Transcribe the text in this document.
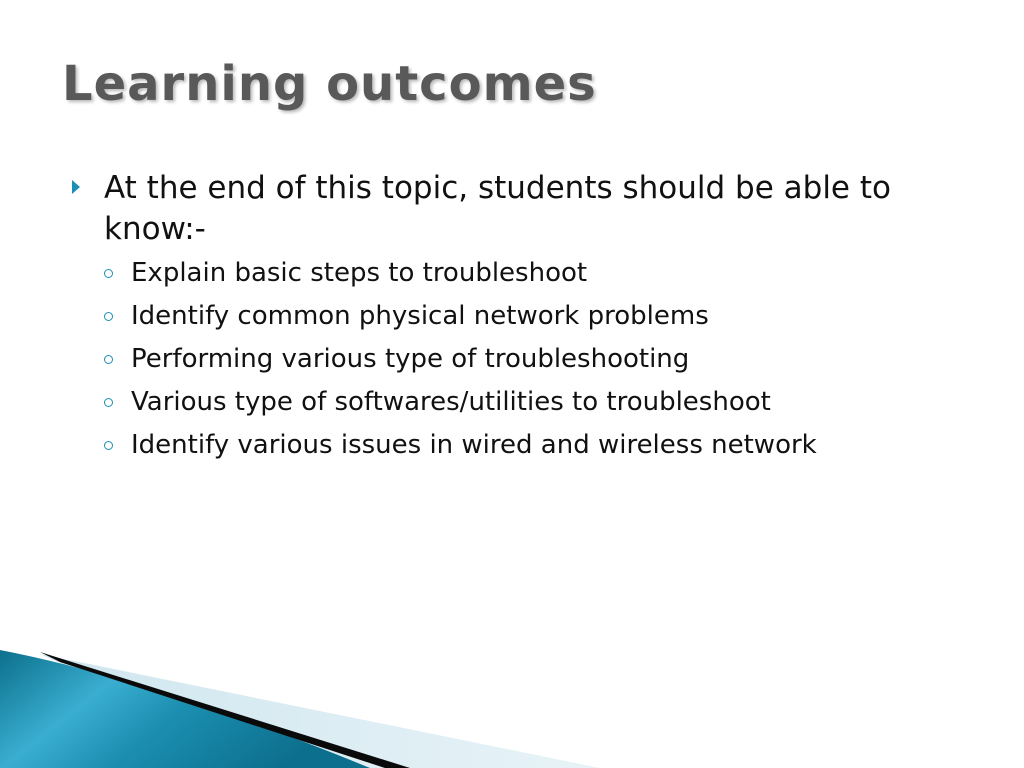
Learning outcomes
At the end of this topic, students should be able to know:-
Explain basic steps to troubleshoot
Identify common physical network problems
Performing various type of troubleshooting
Various type of softwares/utilities to troubleshoot
Identify various issues in wired and wireless network
